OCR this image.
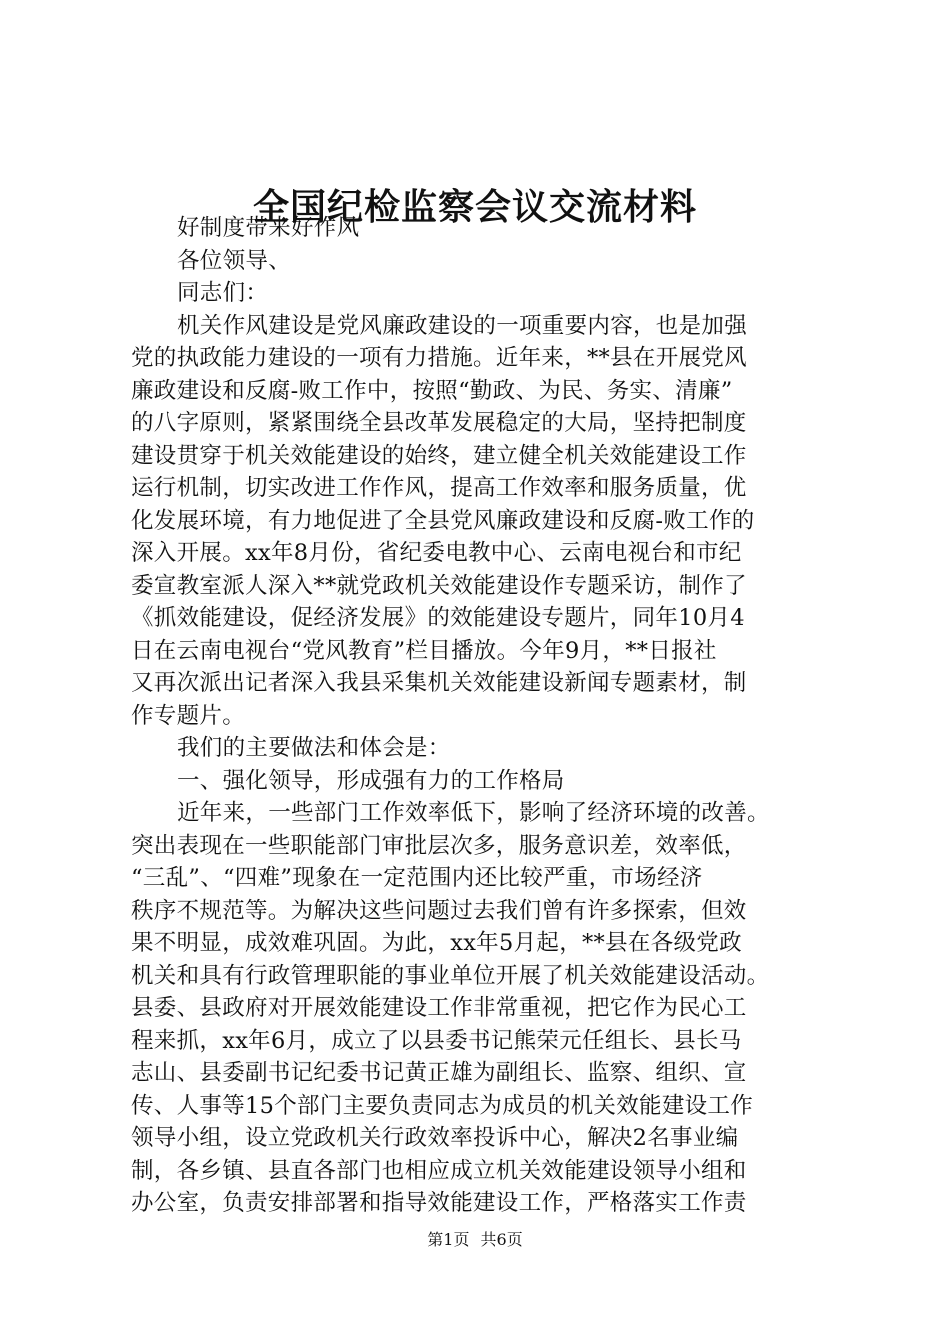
全国纪检监察会议交流材料

好制度带来好作风

各位领导、

同志们：

机关作风建设是党风廉政建设的一项重要内容，也是加强

党的执政能力建设的一项有力措施。近年来，**县在开展党风

廉政建设和反腐-败工作中，按照“勤政、为民、务实、清廉”

的八字原则，紧紧围绕全县改革发展稳定的大局，坚持把制度

建设贯穿于机关效能建设的始终，建立健全机关效能建设工作

运行机制，切实改进工作作风，提高工作效率和服务质量，优

化发展环境，有力地促进了全县党风廉政建设和反腐-败工作的

深入开展。xx年8月份，省纪委电教中心、云南电视台和市纪

委宣教室派人深入**就党政机关效能建设作专题采访，制作了

《抓效能建设，促经济发展》的效能建设专题片，同年10月4

日在云南电视台“党风教育”栏目播放。今年9月，**日报社

又再次派出记者深入我县采集机关效能建设新闻专题素材，制

作专题片。

我们的主要做法和体会是：

一、强化领导，形成强有力的工作格局

近年来，一些部门工作效率低下，影响了经济环境的改善。

突出表现在一些职能部门审批层次多，服务意识差，效率低，

“三乱”、“四难”现象在一定范围内还比较严重，市场经济

秩序不规范等。为解决这些问题过去我们曾有许多探索，但效

果不明显，成效难巩固。为此，xx年5月起，**县在各级党政

机关和具有行政管理职能的事业单位开展了机关效能建设活动。

县委、县政府对开展效能建设工作非常重视，把它作为民心工

程来抓，xx年6月，成立了以县委书记熊荣元任组长、县长马

志山、县委副书记纪委书记黄正雄为副组长、监察、组织、宣

传、人事等15个部门主要负责同志为成员的机关效能建设工作

领导小组，设立党政机关行政效率投诉中心，解决2名事业编

制，各乡镇、县直各部门也相应成立机关效能建设领导小组和

办公室，负责安排部署和指导效能建设工作，严格落实工作责

第1页 共6页
